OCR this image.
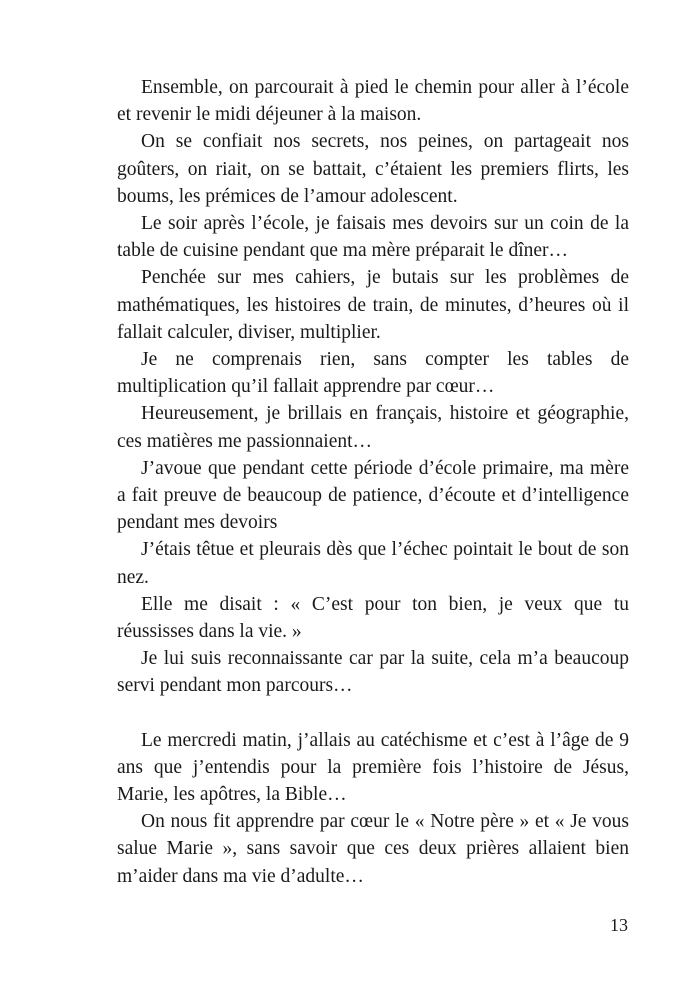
Ensemble, on parcourait à pied le chemin pour aller à l’école et revenir le midi déjeuner à la maison.

On se confiait nos secrets, nos peines, on partageait nos goûters, on riait, on se battait, c’étaient les premiers flirts, les boums, les prémices de l’amour adolescent.

Le soir après l’école, je faisais mes devoirs sur un coin de la table de cuisine pendant que ma mère préparait le dîner…

Penchée sur mes cahiers, je butais sur les problèmes de mathématiques, les histoires de train, de minutes, d’heures où il fallait calculer, diviser, multiplier.

Je ne comprenais rien, sans compter les tables de multiplication qu’il fallait apprendre par cœur…

Heureusement, je brillais en français, histoire et géographie, ces matières me passionnaient…

J’avoue que pendant cette période d’école primaire, ma mère a fait preuve de beaucoup de patience, d’écoute et d’intelligence pendant mes devoirs

J’étais têtue et pleurais dès que l’échec pointait le bout de son nez.

Elle me disait : « C’est pour ton bien, je veux que tu réussisses dans la vie. »

Je lui suis reconnaissante car par la suite, cela m’a beaucoup servi pendant mon parcours…

Le mercredi matin, j’allais au catéchisme et c’est à l’âge de 9 ans que j’entendis pour la première fois l’histoire de Jésus, Marie, les apôtres, la Bible…

On nous fit apprendre par cœur le « Notre père » et « Je vous salue Marie », sans savoir que ces deux prières allaient bien m’aider dans ma vie d’adulte…

13
